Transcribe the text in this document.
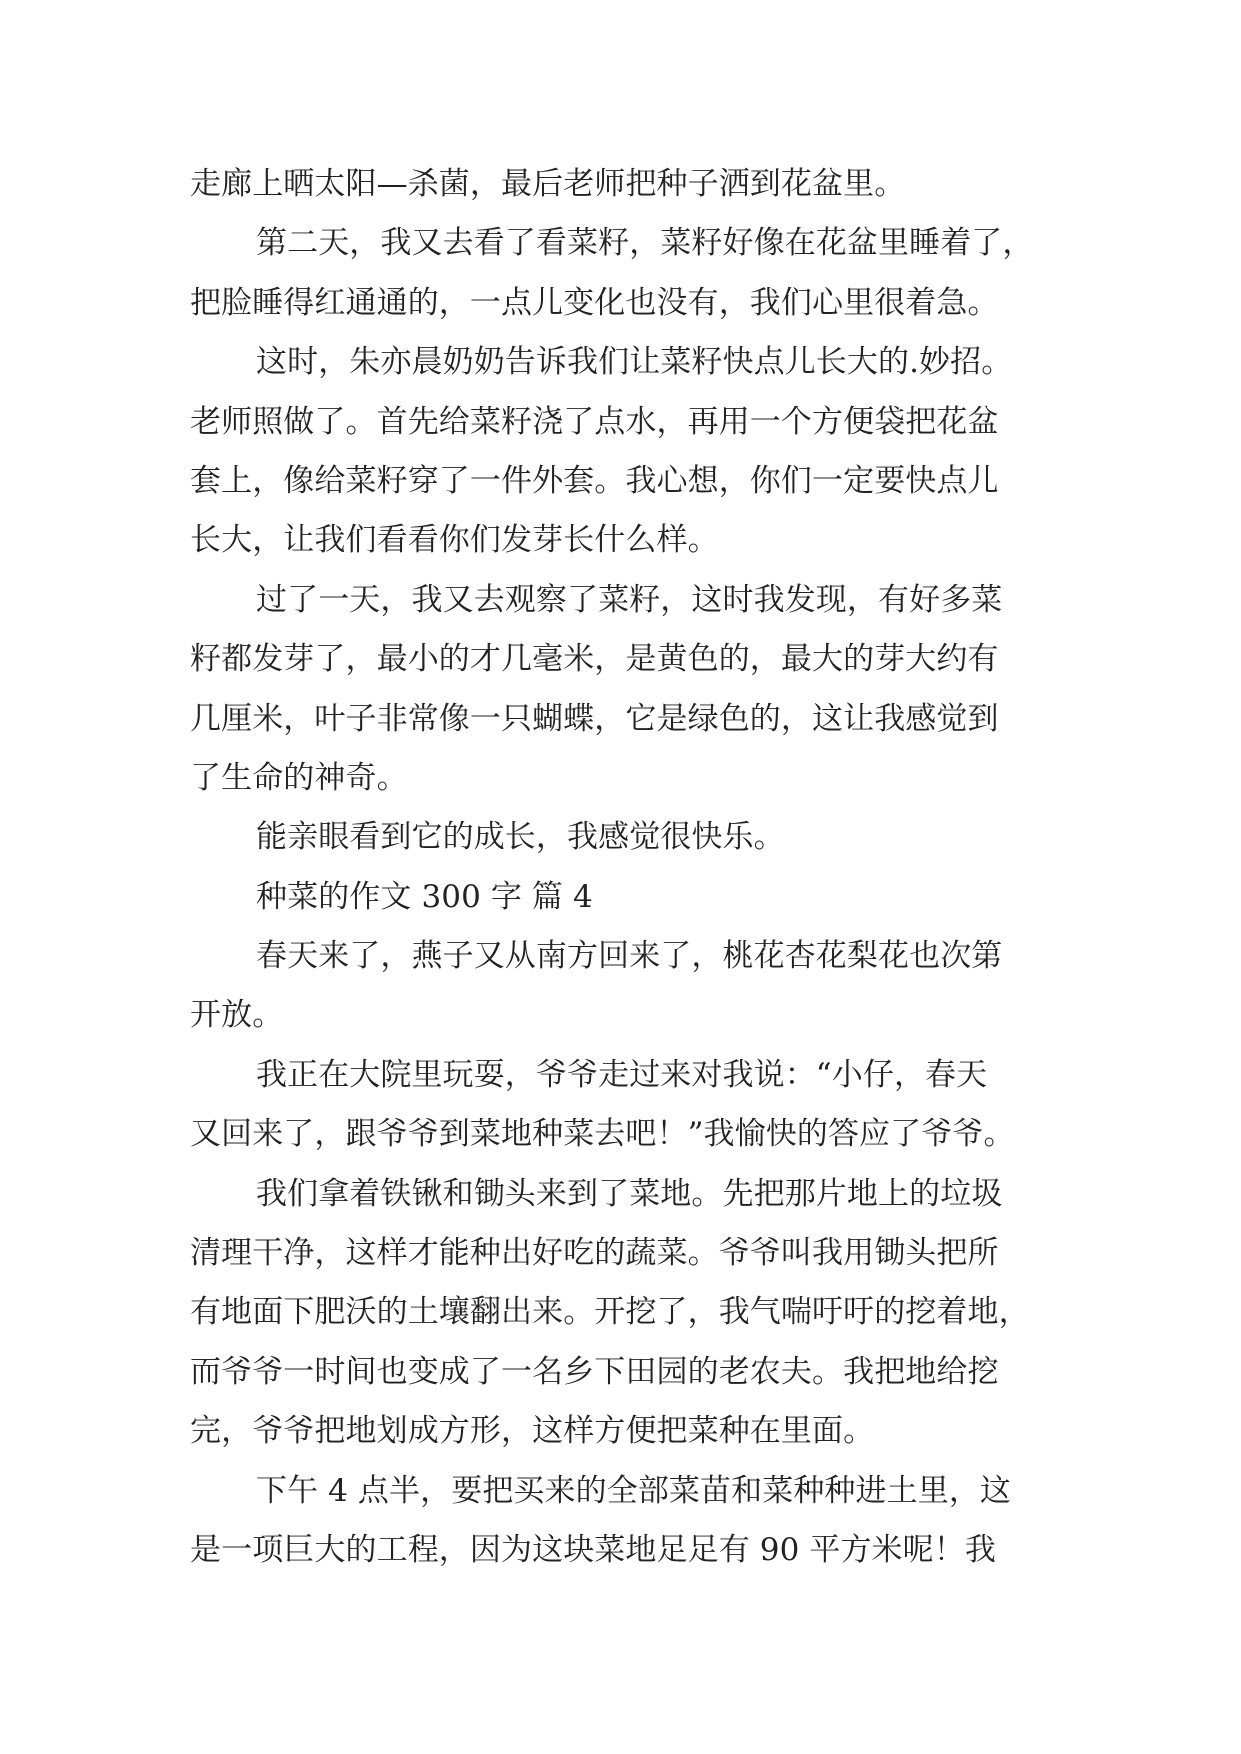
走廊上晒太阳—杀菌，最后老师把种子洒到花盆里。
第二天，我又去看了看菜籽，菜籽好像在花盆里睡着了，
把脸睡得红通通的，一点儿变化也没有，我们心里很着急。
这时，朱亦晨奶奶告诉我们让菜籽快点儿长大的.妙招。
老师照做了。首先给菜籽浇了点水，再用一个方便袋把花盆
套上，像给菜籽穿了一件外套。我心想，你们一定要快点儿
长大，让我们看看你们发芽长什么样。
过了一天，我又去观察了菜籽，这时我发现，有好多菜
籽都发芽了，最小的才几毫米，是黄色的，最大的芽大约有
几厘米，叶子非常像一只蝴蝶，它是绿色的，这让我感觉到
了生命的神奇。
能亲眼看到它的成长，我感觉很快乐。
种菜的作文 300 字 篇 4
春天来了，燕子又从南方回来了，桃花杏花梨花也次第
开放。
我正在大院里玩耍，爷爷走过来对我说：“小仔，春天
又回来了，跟爷爷到菜地种菜去吧！”我愉快的答应了爷爷。
我们拿着铁锹和锄头来到了菜地。先把那片地上的垃圾
清理干净，这样才能种出好吃的蔬菜。爷爷叫我用锄头把所
有地面下肥沃的土壤翻出来。开挖了，我气喘吁吁的挖着地，
而爷爷一时间也变成了一名乡下田园的老农夫。我把地给挖
完，爷爷把地划成方形，这样方便把菜种在里面。
下午 4 点半，要把买来的全部菜苗和菜种种进土里，这
是一项巨大的工程，因为这块菜地足足有 90 平方米呢！我
